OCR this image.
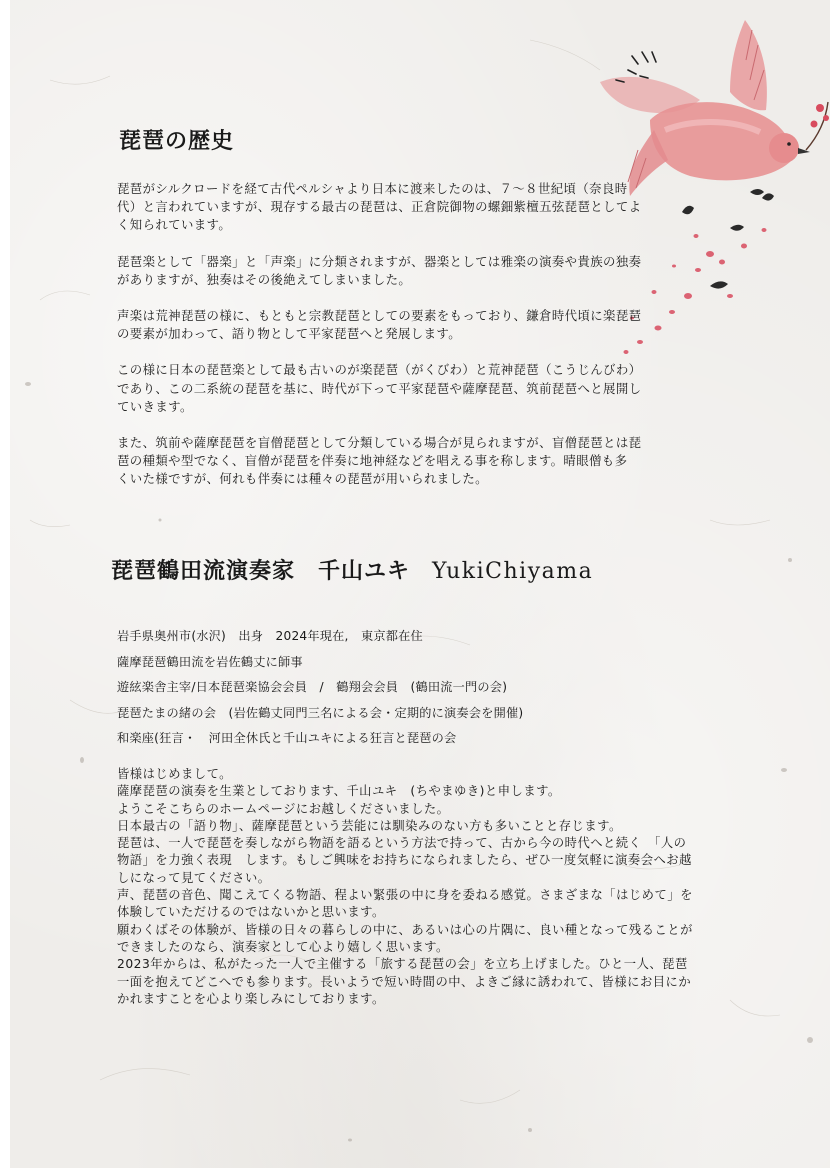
琵琶の歴史

琵琶がシルクロードを経て古代ペルシャより日本に渡来したのは、７～８世紀頃（奈良時
代）と言われていますが、現存する最古の琵琶は、正倉院御物の螺鈿紫檀五弦琵琶としてよ
く知られています。

琵琶楽として「器楽」と「声楽」に分類されますが、器楽としては雅楽の演奏や貴族の独奏
がありますが、独奏はその後絶えてしまいました。

声楽は荒神琵琶の様に、もともと宗教琵琶としての要素をもっており、鎌倉時代頃に楽琵琶
の要素が加わって、語り物として平家琵琶へと発展します。

この様に日本の琵琶楽として最も古いのが楽琵琶（がくびわ）と荒神琵琶（こうじんびわ）
であり、この二系統の琵琶を基に、時代が下って平家琵琶や薩摩琵琶、筑前琵琶へと展開し
ていきます。

また、筑前や薩摩琵琶を盲僧琵琶として分類している場合が見られますが、盲僧琵琶とは琵
琶の種類や型でなく、盲僧が琵琶を伴奏に地神経などを唱える事を称します。晴眼僧も多
くいた様ですが、何れも伴奏には種々の琵琶が用いられました。

琵琶鶴田流演奏家　千山ユキ YukiChiyama
岩手県奥州市(水沢)　出身　2024年現在,　東京都在住
薩摩琵琶鶴田流を岩佐鶴丈に師事
遊絃楽舎主宰/日本琵琶楽協会会員　/　鶴翔会会員　(鶴田流一門の会)
琵琶たまの緒の会　(岩佐鶴丈同門三名による会・定期的に演奏会を開催)
和楽座(狂言・　河田全休氏と千山ユキによる狂言と琵琶の会
皆様はじめまして。
薩摩琵琶の演奏を生業としております、千山ユキ　(ちやまゆき)と申します。
ようこそこちらのホームページにお越しくださいました。
日本最古の「語り物」、薩摩琵琶という芸能には馴染みのない方も多いことと存じます。
琵琶は、一人で琵琶を奏しながら物語を語るという方法で持って、古から今の時代へと続く　「人の
物語」を力強く表現　します。もしご興味をお持ちになられましたら、ぜひ一度気軽に演奏会へお越
しになって見てください。
声、琵琶の音色、聞こえてくる物語、程よい緊張の中に身を委ねる感覚。さまざまな「はじめて」を
体験していただけるのではないかと思います。
願わくばその体験が、皆様の日々の暮らしの中に、あるいは心の片隅に、良い種となって残ることが
できましたのなら、演奏家として心より嬉しく思います。
2023年からは、私がたった一人で主催する「旅する琵琶の会」を立ち上げました。ひと一人、琵琶
一面を抱えてどこへでも参ります。長いようで短い時間の中、よきご縁に誘われて、皆様にお目にか
かれますことを心より楽しみにしております。
